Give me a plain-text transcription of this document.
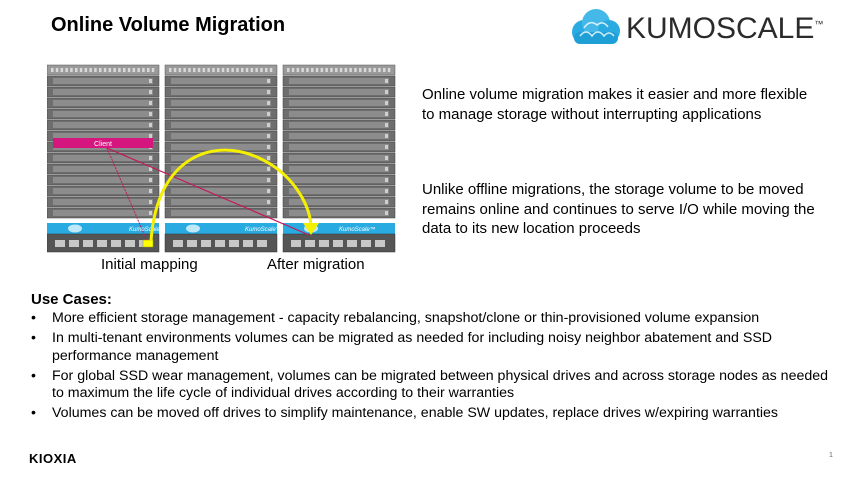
Online Volume Migration	KUMOSCALE™
Client
KumoScale™	KumoScale™	KumoScale™
Initial mapping	After migration
Online volume migration makes it easier and more flexible to manage storage without interrupting applications
Unlike offline migrations, the storage volume to be moved remains online and continues to serve I/O while moving the data to its new location proceeds
Use Cases:
• More efficient storage management - capacity rebalancing, snapshot/clone or thin-provisioned volume expansion
• In multi-tenant environments volumes can be migrated as needed for including noisy neighbor abatement and SSD performance management
• For global SSD wear management, volumes can be migrated between physical drives and across storage nodes as needed to maximum the life cycle of individual drives according to their warranties
• Volumes can be moved off drives to simplify maintenance, enable SW updates, replace drives w/expiring warranties
KIOXIA	1
